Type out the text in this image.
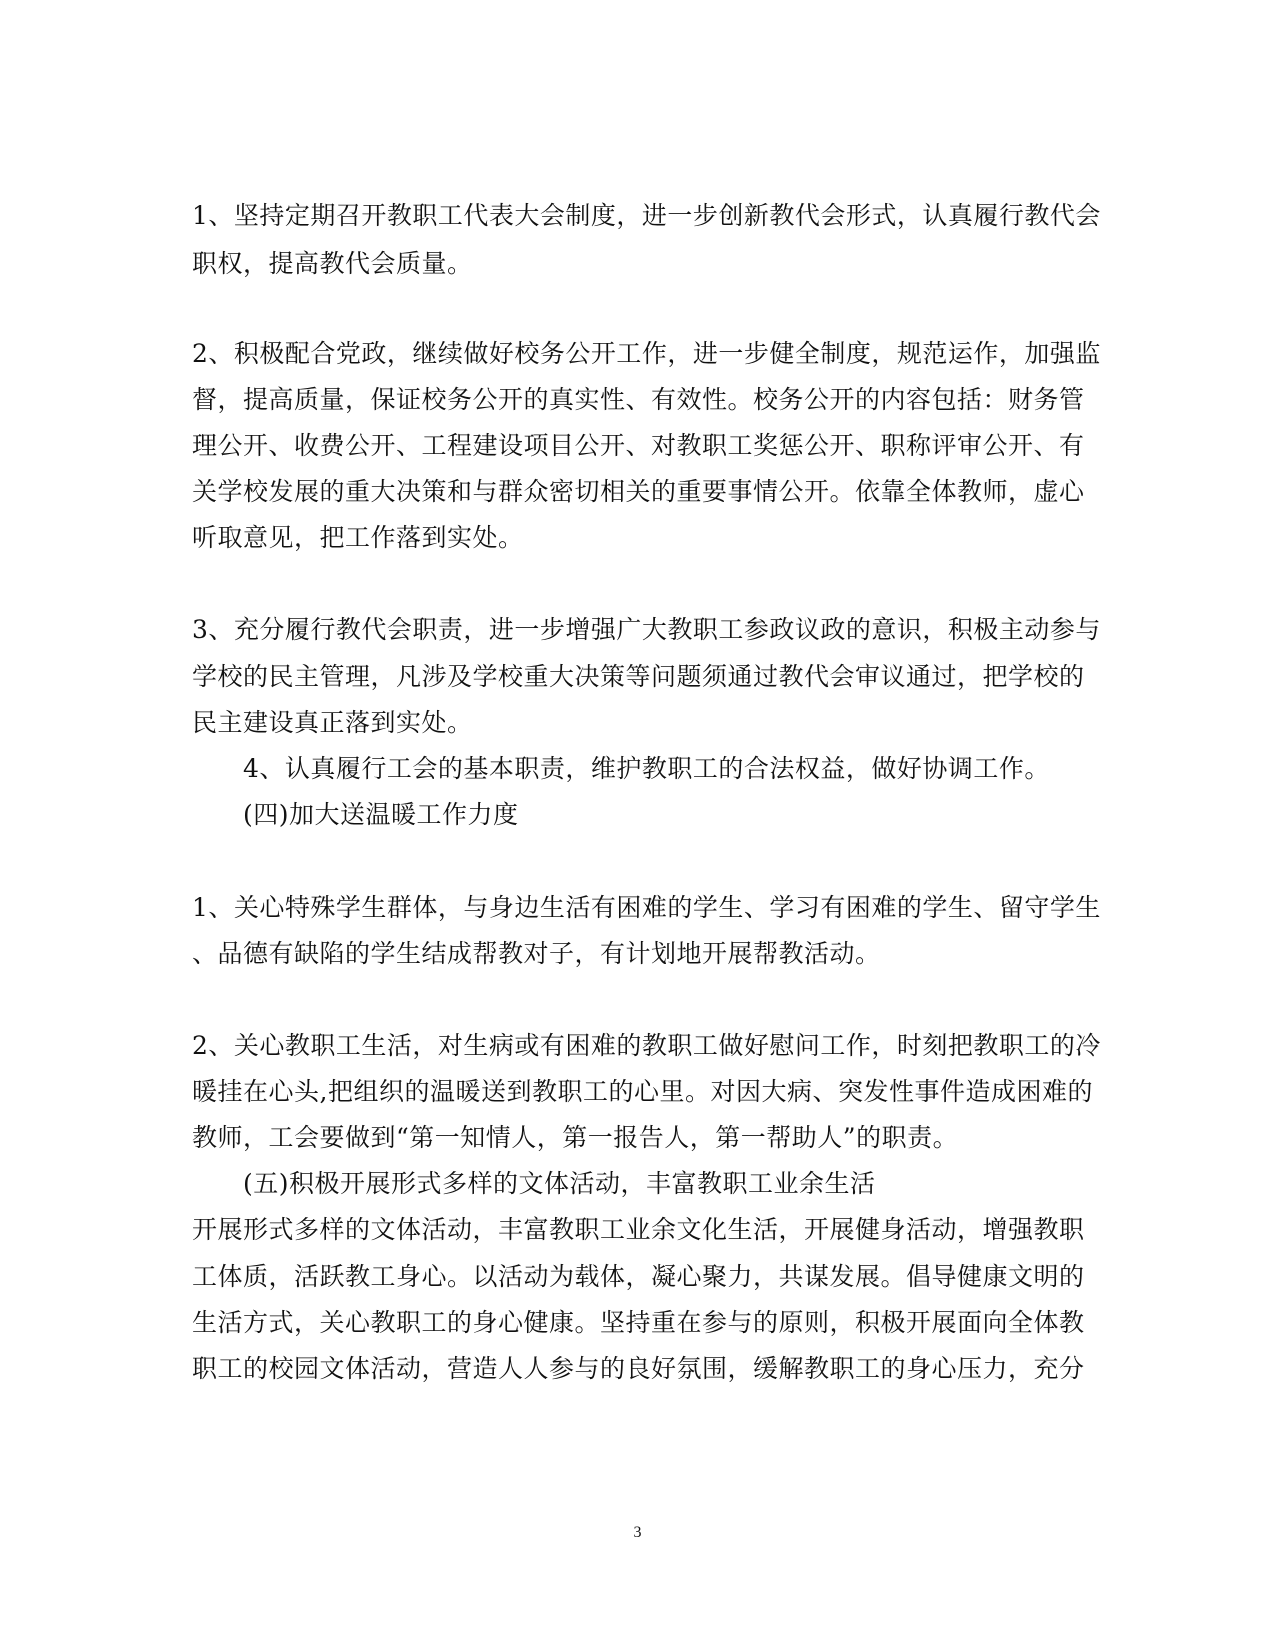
1、坚持定期召开教职工代表大会制度，进一步创新教代会形式，认真履行教代会
职权，提高教代会质量。
2、积极配合党政，继续做好校务公开工作，进一步健全制度，规范运作，加强监
督，提高质量，保证校务公开的真实性、有效性。校务公开的内容包括：财务管
理公开、收费公开、工程建设项目公开、对教职工奖惩公开、职称评审公开、有
关学校发展的重大决策和与群众密切相关的重要事情公开。依靠全体教师，虚心
听取意见，把工作落到实处。
3、充分履行教代会职责，进一步增强广大教职工参政议政的意识，积极主动参与
学校的民主管理，凡涉及学校重大决策等问题须通过教代会审议通过，把学校的
民主建设真正落到实处。
4、认真履行工会的基本职责，维护教职工的合法权益，做好协调工作。
(四)加大送温暖工作力度
1、关心特殊学生群体，与身边生活有困难的学生、学习有困难的学生、留守学生
、品德有缺陷的学生结成帮教对子，有计划地开展帮教活动。
2、关心教职工生活，对生病或有困难的教职工做好慰问工作，时刻把教职工的冷
暖挂在心头,把组织的温暖送到教职工的心里。对因大病、突发性事件造成困难的
教师，工会要做到“第一知情人，第一报告人，第一帮助人”的职责。
(五)积极开展形式多样的文体活动，丰富教职工业余生活
开展形式多样的文体活动，丰富教职工业余文化生活，开展健身活动，增强教职
工体质，活跃教工身心。以活动为载体，凝心聚力，共谋发展。倡导健康文明的
生活方式，关心教职工的身心健康。坚持重在参与的原则，积极开展面向全体教
职工的校园文体活动，营造人人参与的良好氛围，缓解教职工的身心压力，充分
3
